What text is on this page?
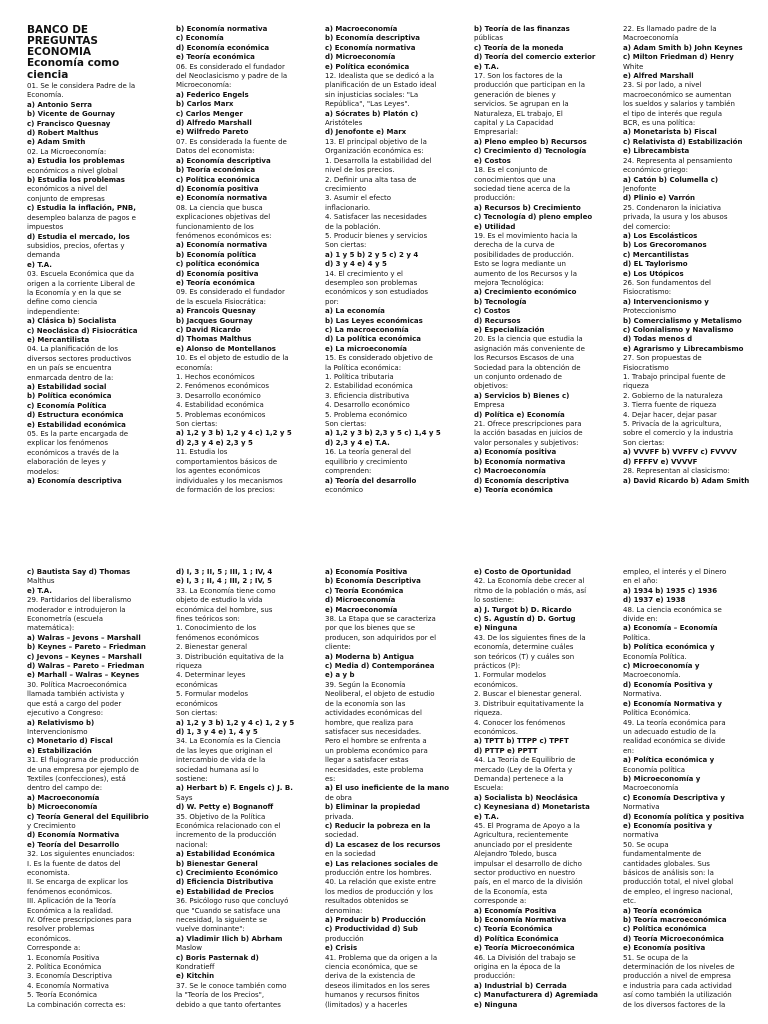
BANCO DE
PREGUNTAS
ECONOMIA
Economía como
ciencia
01. Se le considera Padre de la
Economía.
a) Antonio Serra
b) Vicente de Gournay
c) Francisco Quesnay
d) Robert Malthus
e) Adam Smith
02. La Microeconomía:
a) Estudia los problemas
económicos a nivel global
b) Estudia los problemas
económicos a nivel del
conjunto de empresas
c) Estudia la inflación, PNB,
desempleo balanza de pagos e
impuestos
d) Estudia el mercado, los
subsidios, precios, ofertas y
demanda
e) T.A.
03. Escuela Económica que da
origen a la corriente Liberal de
la Economía y en la que se
define como ciencia
independiente:
a) Clásica b) Socialista
c) Neoclásica d) Fisiocrática
e) Mercantilista
04. La planificación de los
diversos sectores productivos
en un país se encuentra
enmarcada dentro de la:
a) Estabilidad social
b) Política económica
c) Economía Política
d) Estructura económica
e) Estabilidad económica
05. Es la parte encargada de
explicar los fenómenos
económicos a través de la
elaboración de leyes y
modelos:
a) Economía descriptiva
b) Economía normativa
c) Economía
d) Economía económica
e) Teoría económica
06. Es considerado el fundador
del Neoclasicismo y padre de la
Microeconomía:
a) Federico Engels
b) Carlos Marx
c) Carlos Menger
d) Alfredo Marshall
e) Wilfredo Pareto
07. Es considerada la fuente de
Datos del economista:
a) Economía descriptiva
b) Teoría económica
c) Política económica
d) Economía positiva
e) Economía normativa
08. La ciencia que busca
explicaciones objetivas del
funcionamiento de los
fenómenos económicos es:
a) Economía normativa
b) Economía política
c) política económica
d) Economía positiva
e) Teoría económica
09. Es considerado el fundador
de la escuela Fisiocrática:
a) Francois Quesnay
b) Jacques Gournay
c) David Ricardo
d) Thomas Malthus
e) Alonso de Montellanos
10. Es el objeto de estudio de la
economía:
1. Hechos económicos
2. Fenómenos económicos
3. Desarrollo económico
4. Estabilidad económica
5. Problemas económicos
Son ciertas:
a) 1,2 y 3 b) 1,2 y 4 c) 1,2 y 5
d) 2,3 y 4 e) 2,3 y 5
11. Estudia los
comportamientos básicos de
los agentes económicos
individuales y los mecanismos
de formación de los precios:
a) Macroeconomía
b) Economía descriptiva
c) Economía normativa
d) Microeconomía
e) Política económica
12. Idealista que se dedicó a la
planificación de un Estado ideal
sin injusticias sociales: "La
República", "Las Leyes".
a) Sócrates b) Platón c)
Aristóteles
d) Jenofonte e) Marx
13. El principal objetivo de la
Organización económica es:
1. Desarrolla la estabilidad del
nivel de los precios.
2. Definir una alta tasa de
crecimiento
3. Asumir el efecto
inflacionario.
4. Satisfacer las necesidades
de la población.
5. Producir bienes y servicios
Son ciertas:
a) 1 y 5 b) 2 y 5 c) 2 y 4
d) 3 y 4 e) 4 y 5
14. El crecimiento y el
desempleo son problemas
económicos y son estudiados
por:
a) La economía
b) Las Leyes económicas
c) La macroeconomía
d) La política económica
e) La microeconomía
15. Es considerado objetivo de
la Política económica:
1. Política tributaria
2. Estabilidad económica
3. Eficiencia distributiva
4. Desarrollo económico
5. Problema económico
Son ciertas:
a) 1,2 y 3 b) 2,3 y 5 c) 1,4 y 5
d) 2,3 y 4 e) T.A.
16. La teoría general del
equilibrio y crecimiento
comprenden:
a) Teoría del desarrollo
económico
b) Teoría de las finanzas
públicas
c) Teoría de la moneda
d) Teoría del comercio exterior
e) T.A.
17. Son los factores de la
producción que participan en la
generación de bienes y
servicios. Se agrupan en la
Naturaleza, EL trabajo, El
capital y La Capacidad
Empresarial:
a) Pleno empleo b) Recursos
c) Crecimiento d) Tecnología
e) Costos
18. Es el conjunto de
conocimientos que una
sociedad tiene acerca de la
producción:
a) Recursos b) Crecimiento
c) Tecnología d) pleno empleo
e) Utilidad
19. Es el movimiento hacia la
derecha de la curva de
posibilidades de producción.
Esto se logra mediante un
aumento de los Recursos y la
mejora Tecnológica:
a) Crecimiento económico
b) Tecnología
c) Costos
d) Recursos
e) Especialización
20. Es la ciencia que estudia la
asignación más conveniente de
los Recursos Escasos de una
Sociedad para la obtención de
un conjunto ordenado de
objetivos:
a) Servicios b) Bienes c)
Empresa
d) Política e) Economía
21. Ofrece prescripciones para
la acción basadas en juicios de
valor personales y subjetivos:
a) Economía positiva
b) Economía normativa
c) Macroeconomía
d) Economía descriptiva
e) Teoría económica
22. Es llamado padre de la
Macroeconomía
a) Adam Smith b) John Keynes
c) Milton Friedman d) Henry
White
e) Alfred Marshall
23. Si por lado, a nivel
macroeconómico se aumentan
los sueldos y salarios y también
el tipo de interés que regula
BCR, es una política:
a) Monetarista b) Fiscal
c) Relativista d) Estabilización
e) Librecambista
24. Representa al pensamiento
económico griego:
a) Catón b) Columella c)
Jenofonte
d) Plinio e) Varrón
25. Condenaron la iniciativa
privada, la usura y los abusos
del comercio:
a) Los Escolásticos
b) Los Grecoromanos
c) Mercantilistas
d) EL Taylorismo
e) Los Utópicos
26. Son fundamentos del
Fisiocratismo:
a) Intervencionismo y
Proteccionismo
b) Comercialismo y Metalismo
c) Colonialismo y Navalismo
d) Todas menos d
e) Agrarismo y Librecambismo
27. Son propuestas de
Fisiocratismo
1. Trabajo principal fuente de
riqueza
2. Gobierno de la naturaleza
3. Tierra fuente de riqueza
4. Dejar hacer, dejar pasar
5. Privacía de la agricultura,
sobre el comercio y la industria
Son ciertas:
a) VVVFF b) VVFFV c) FVVVV
d) FFFFV e) VVVVF
28. Representan al clasicismo:
a) David Ricardo b) Adam Smith
c) Bautista Say d) Thomas
Malthus
e) T.A.
29. Partidarios del liberalismo
moderador e introdujeron la
Econometría (escuela
matemática):
a) Walras – Jevons – Marshall
b) Keynes – Pareto – Friedman
c) Jevons – Keynes – Marshall
d) Walras – Pareto – Friedman
e) Marhall – Walras – Keynes
30. Política Macroeconómica
llamada también activista y
que está a cargo del poder
ejecutivo a Congreso:
a) Relativismo b)
Intervencionismo
c) Monetario d) Fiscal
e) Estabilización
31. El flujograma de producción
de una empresa por ejemplo de
Textiles (confecciones), está
dentro del campo de:
a) Macroeconomía
b) Microeconomía
c) Teoría General del Equilibrio
y Crecimiento
d) Economía Normativa
e) Teoría del Desarrollo
32. Los siguientes enunciados:
I. Es la fuente de datos del
economista.
II. Se encarga de explicar los
fenómenos económicos.
III. Aplicación de la Teoría
Económica a la realidad.
IV. Ofrece prescripciones para
resolver problemas
económicos.
Corresponde a:
1. Economía Positiva
2. Política Económica
3. Economía Descriptiva
4. Economía Normativa
5. Teoría Económica
La combinación correcta es:
d) I, 3 ; II, 5 ; III, 1 ; IV, 4
e) I, 3 ; II, 4 ; III, 2 ; IV, 5
33. La Economía tiene como
objeto de estudio la vida
económica del hombre, sus
fines teóricos son:
1. Conocimiento de los
fenómenos económicos
2. Bienestar general
3. Distribución equitativa de la
riqueza
4. Determinar leyes
económicas
5. Formular modelos
económicos
Son ciertas:
a) 1,2 y 3 b) 1,2 y 4 c) 1, 2 y 5
d) 1, 3 y 4 e) 1, 4 y 5
34. La Economía es la Ciencia
de las leyes que originan el
intercambio de vida de la
sociedad humana así lo
sostiene:
a) Herbart b) F. Engels c) J. B.
Says
d) W. Petty e) Bognanoff
35. Objetivo de la Política
Económica relacionado con el
incremento de la producción
nacional:
a) Estabilidad Económica
b) Bienestar General
c) Crecimiento Económico
d) Eficiencia Distributiva
e) Estabilidad de Precios
36. Psicólogo ruso que concluyó
que "Cuando se satisface una
necesidad, la siguiente se
vuelve dominante":
a) Vladimir Ilich b) Abrham
Maslow
c) Boris Pasternak d)
Kondratieff
e) Kitchin
37. Se le conoce también como
la "Teoría de los Precios",
debido a que tanto ofertantes
a) Economía Positiva
b) Economía Descriptiva
c) Teoría Económica
d) Microeconomía
e) Macroeconomía
38. La Etapa que se caracteriza
por que los bienes que se
producen, son adquiridos por el
cliente:
a) Moderna b) Antigua
c) Media d) Contemporánea
e) a y b
39. Según la Economía
Neoliberal, el objeto de estudio
de la economía son las
actividades económicas del
hombre, que realiza para
satisfacer sus necesidades.
Pero el hombre se enfrenta a
un problema económico para
llegar a satisfacer estas
necesidades, este problema
es:
a) El uso ineficiente de la mano
de obra
b) Eliminar la propiedad
privada.
c) Reducir la pobreza en la
sociedad.
d) La escasez de los recursos
en la sociedad
e) Las relaciones sociales de
producción entre los hombres.
40. La relación que existe entre
los medios de producción y los
resultados obtenidos se
denomina:
a) Producir b) Producción
c) Productividad d) Sub
producción
e) Crisis
41. Problema que da origen a la
ciencia económica, que se
deriva de la existencia de
deseos ilimitados en los seres
humanos y recursos finitos
(limitados) y a hacerles
e) Costo de Oportunidad
42. La Economía debe crecer al
ritmo de la población o más, así
lo sostiene:
a) J. Turgot b) D. Ricardo
c) S. Agustín d) D. Gortug
e) Ninguna
43. De los siguientes fines de la
economía, determine cuáles
son teóricos (T) y cuáles son
prácticos (P):
1. Formular modelos
económicos.
2. Buscar el bienestar general.
3. Distribuir equitativamente la
riqueza.
4. Conocer los fenómenos
económicos.
a) TPTT b) TTPP c) TPFT
d) PTTP e) PPTT
44. La Teoría de Equilibrio de
mercado (Ley de la Oferta y
Demanda) pertenece a la
Escuela:
a) Socialista b) Neoclásica
c) Keynesiana d) Monetarista
e) T.A.
45. El Programa de Apoyo a la
Agricultura, recientemente
anunciado por el presidente
Alejandro Toledo, busca
impulsar el desarrollo de dicho
sector productivo en nuestro
país, en el marco de la división
de la Economía, esta
corresponde a:
a) Economía Positiva
b) Economía Normativa
c) Teoría Económica
d) Política Económica
e) Teoría Microeconómica
46. La División del trabajo se
origina en la época de la
producción:
a) Industrial b) Cerrada
c) Manufacturera d) Agremiada
e) Ninguna
empleo, el interés y el Dinero
en el año:
a) 1934 b) 1935 c) 1936
d) 1937 e) 1938
48. La ciencia económica se
divide en:
a) Economía – Economía
Política.
b) Política económica y
Economía Política.
c) Microeconomía y
Macroeconomía.
d) Economía Positiva y
Normativa.
e) Economía Normativa y
Política Económica.
49. La teoría económica para
un adecuado estudio de la
realidad económica se divide
en:
a) Política económica y
Economía política
b) Microeconomía y
Macroeconomía
c) Economía Descriptiva y
Normativa
d) Economía política y positiva
e) Economía positiva y
normativa
50. Se ocupa
fundamentalmente de
cantidades globales. Sus
básicos de análisis son: la
producción total, el nivel global
de empleo, el ingreso nacional,
etc.
a) Teoría económica
b) Teoría macroeconómica
c) Política económica
d) Teoría Microeconómica
e) Economía positiva
51. Se ocupa de la
determinación de los niveles de
producción a nivel de empresa
e industria para cada actividad
así como también la utilización
de los diversos factores de la
